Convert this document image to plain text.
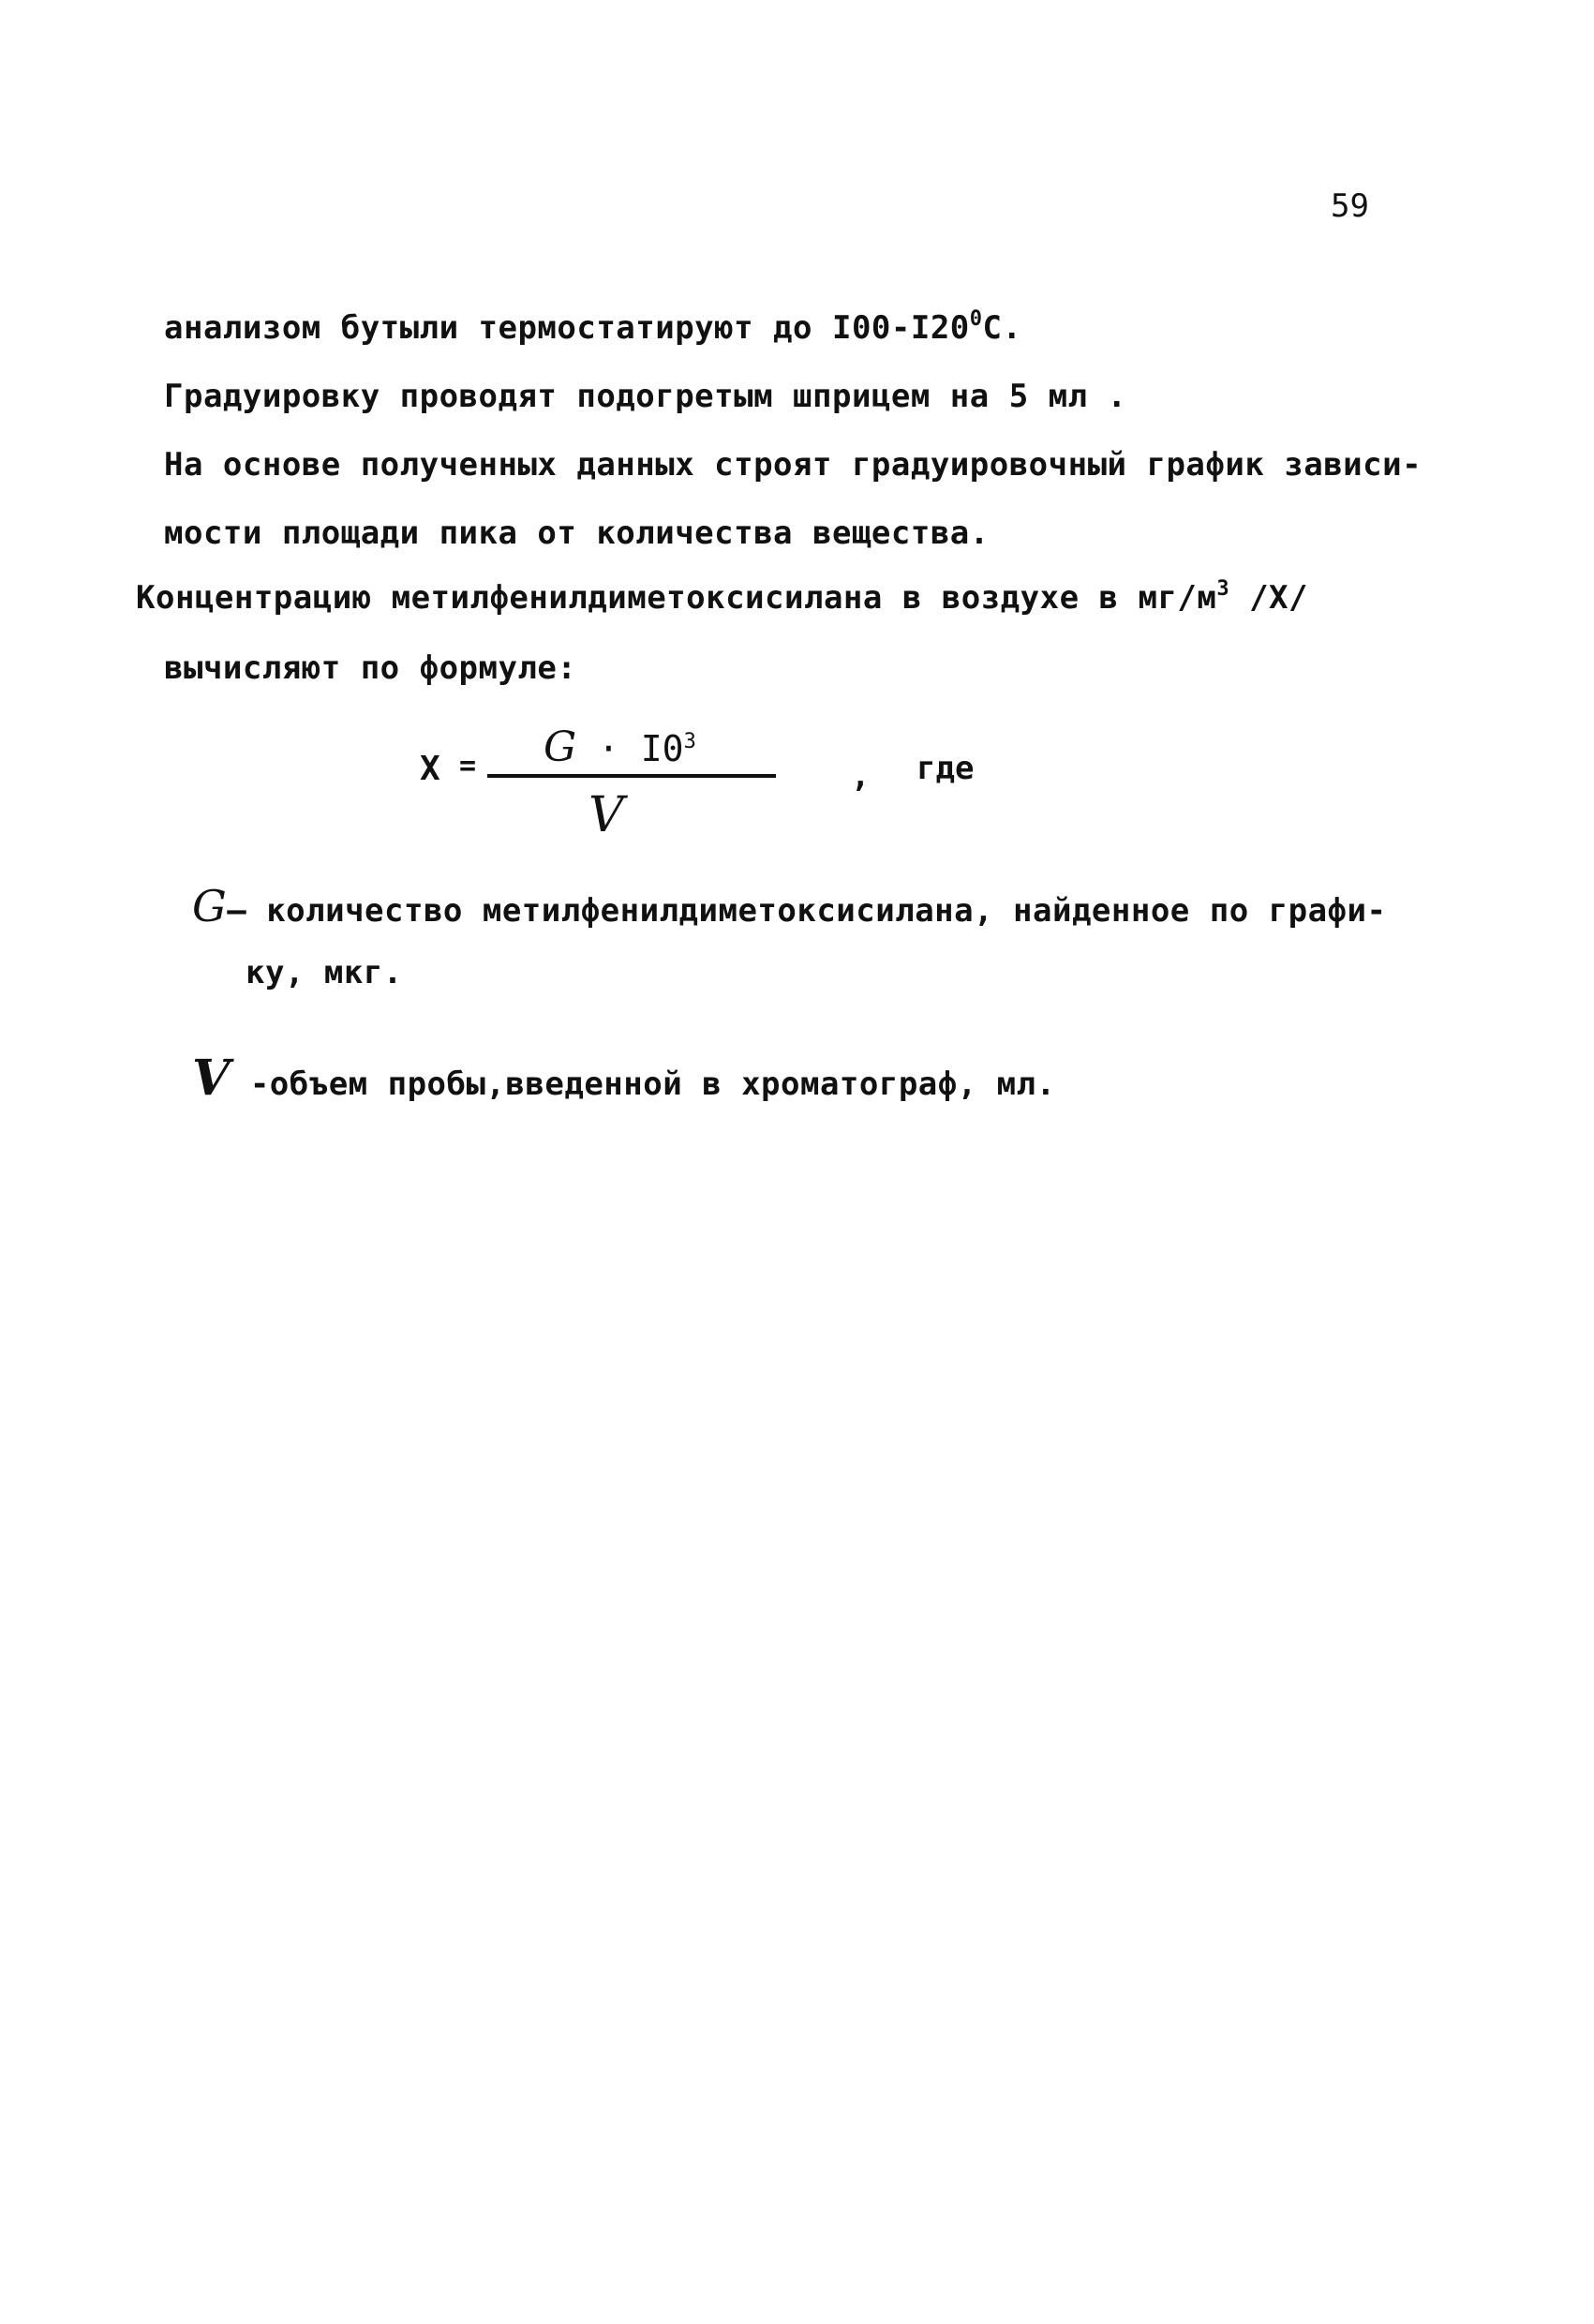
59
анализом бутыли термостатируют до $I00-I20^0С$.
Градуировку проводят подогретым шприцем на 5 мл .
На основе полученных данных строят градуировочный график зависи-
мости площади пика от количества вещества.
Концентрацию метилфенилдиметоксисилана в воздухе в $мг/м^3$ /X/
вычисляют по формуле:
$X = G \cdot I0^3$
V
, где
G– количество метилфенилдиметоксисилана, найденное по графи-
ку, мкг.
V -объем пробы,введенной в хроматограф, мл.
